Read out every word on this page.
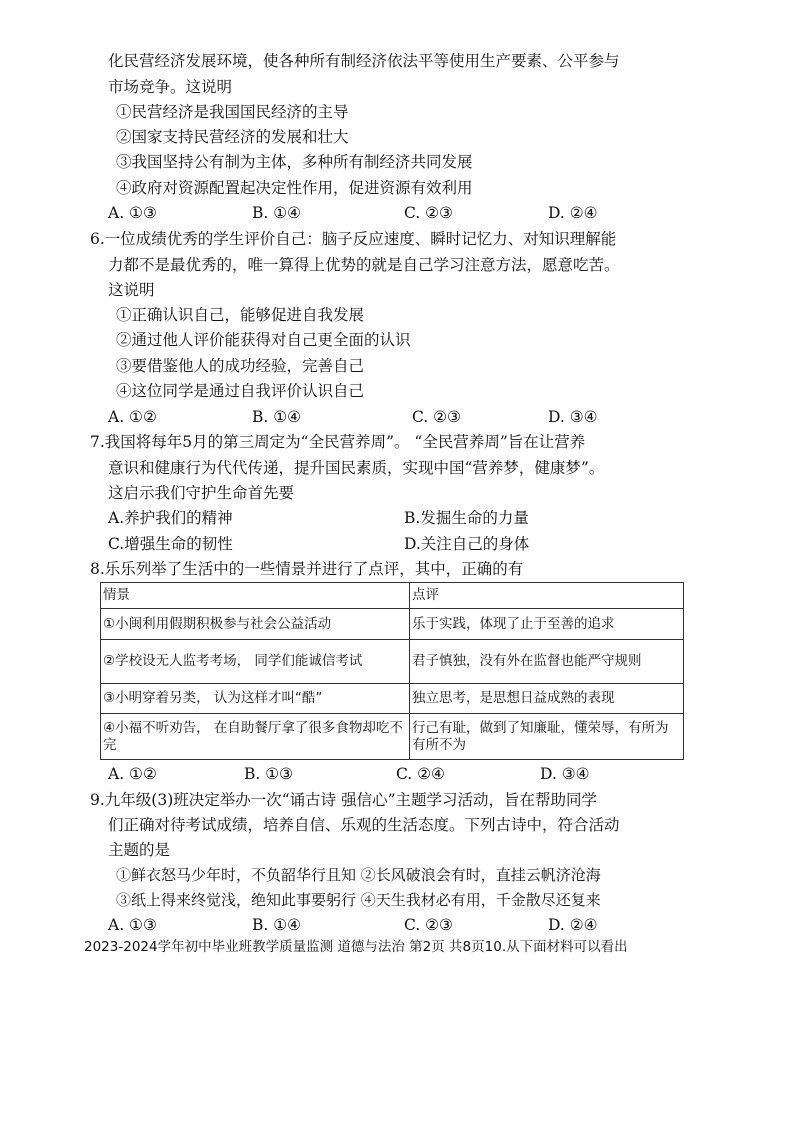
化民营经济发展环境，使各种所有制经济依法平等使用生产要素、公平参与
市场竞争。这说明
①民营经济是我国国民经济的主导
②国家支持民营经济的发展和壮大
③我国坚持公有制为主体，多种所有制经济共同发展
④政府对资源配置起决定性作用，促进资源有效利用
A. ①③	B. ①④	C. ②③	D. ②④
6.一位成绩优秀的学生评价自己：脑子反应速度、瞬时记忆力、对知识理解能
力都不是最优秀的，唯一算得上优势的就是自己学习注意方法，愿意吃苦。
这说明
①正确认识自己，能够促进自我发展
②通过他人评价能获得对自己更全面的认识
③要借鉴他人的成功经验，完善自己
④这位同学是通过自我评价认识自己
A. ①②	B. ①④	C. ②③	D. ③④
7.我国将每年5月的第三周定为“全民营养周”。 “全民营养周”旨在让营养
意识和健康行为代代传递，提升国民素质，实现中国“营养梦，健康梦”。
这启示我们守护生命首先要
A.养护我们的精神	B.发掘生命的力量
C.增强生命的韧性	D.关注自己的身体
8.乐乐列举了生活中的一些情景并进行了点评，其中，正确的有
情景	点评
①小闽利用假期积极参与社会公益活动	乐于实践，体现了止于至善的追求
②学校设无人监考考场， 同学们能诚信考试	君子慎独，没有外在监督也能严守规则
③小明穿着另类， 认为这样才叫“酷”	独立思考，是思想日益成熟的表现
④小福不听劝告， 在自助餐厅拿了很多食物却吃不完	行己有耻，做到了知廉耻，懂荣辱，有所为有所不为
A. ①②	B. ①③	C. ②④	D. ③④
9.九年级(3)班决定举办一次“诵古诗 强信心”主题学习活动，旨在帮助同学
们正确对待考试成绩，培养自信、乐观的生活态度。下列古诗中，符合活动
主题的是
①鲜衣怒马少年时，不负韶华行且知 ②长风破浪会有时，直挂云帆济沧海
③纸上得来终觉浅，绝知此事要躬行 ④天生我材必有用，千金散尽还复来
A. ①③	B. ①④	C. ②③	D. ②④
2023-2024学年初中毕业班教学质量监测 道德与法治 第2页 共8页10.从下面材料可以看出
